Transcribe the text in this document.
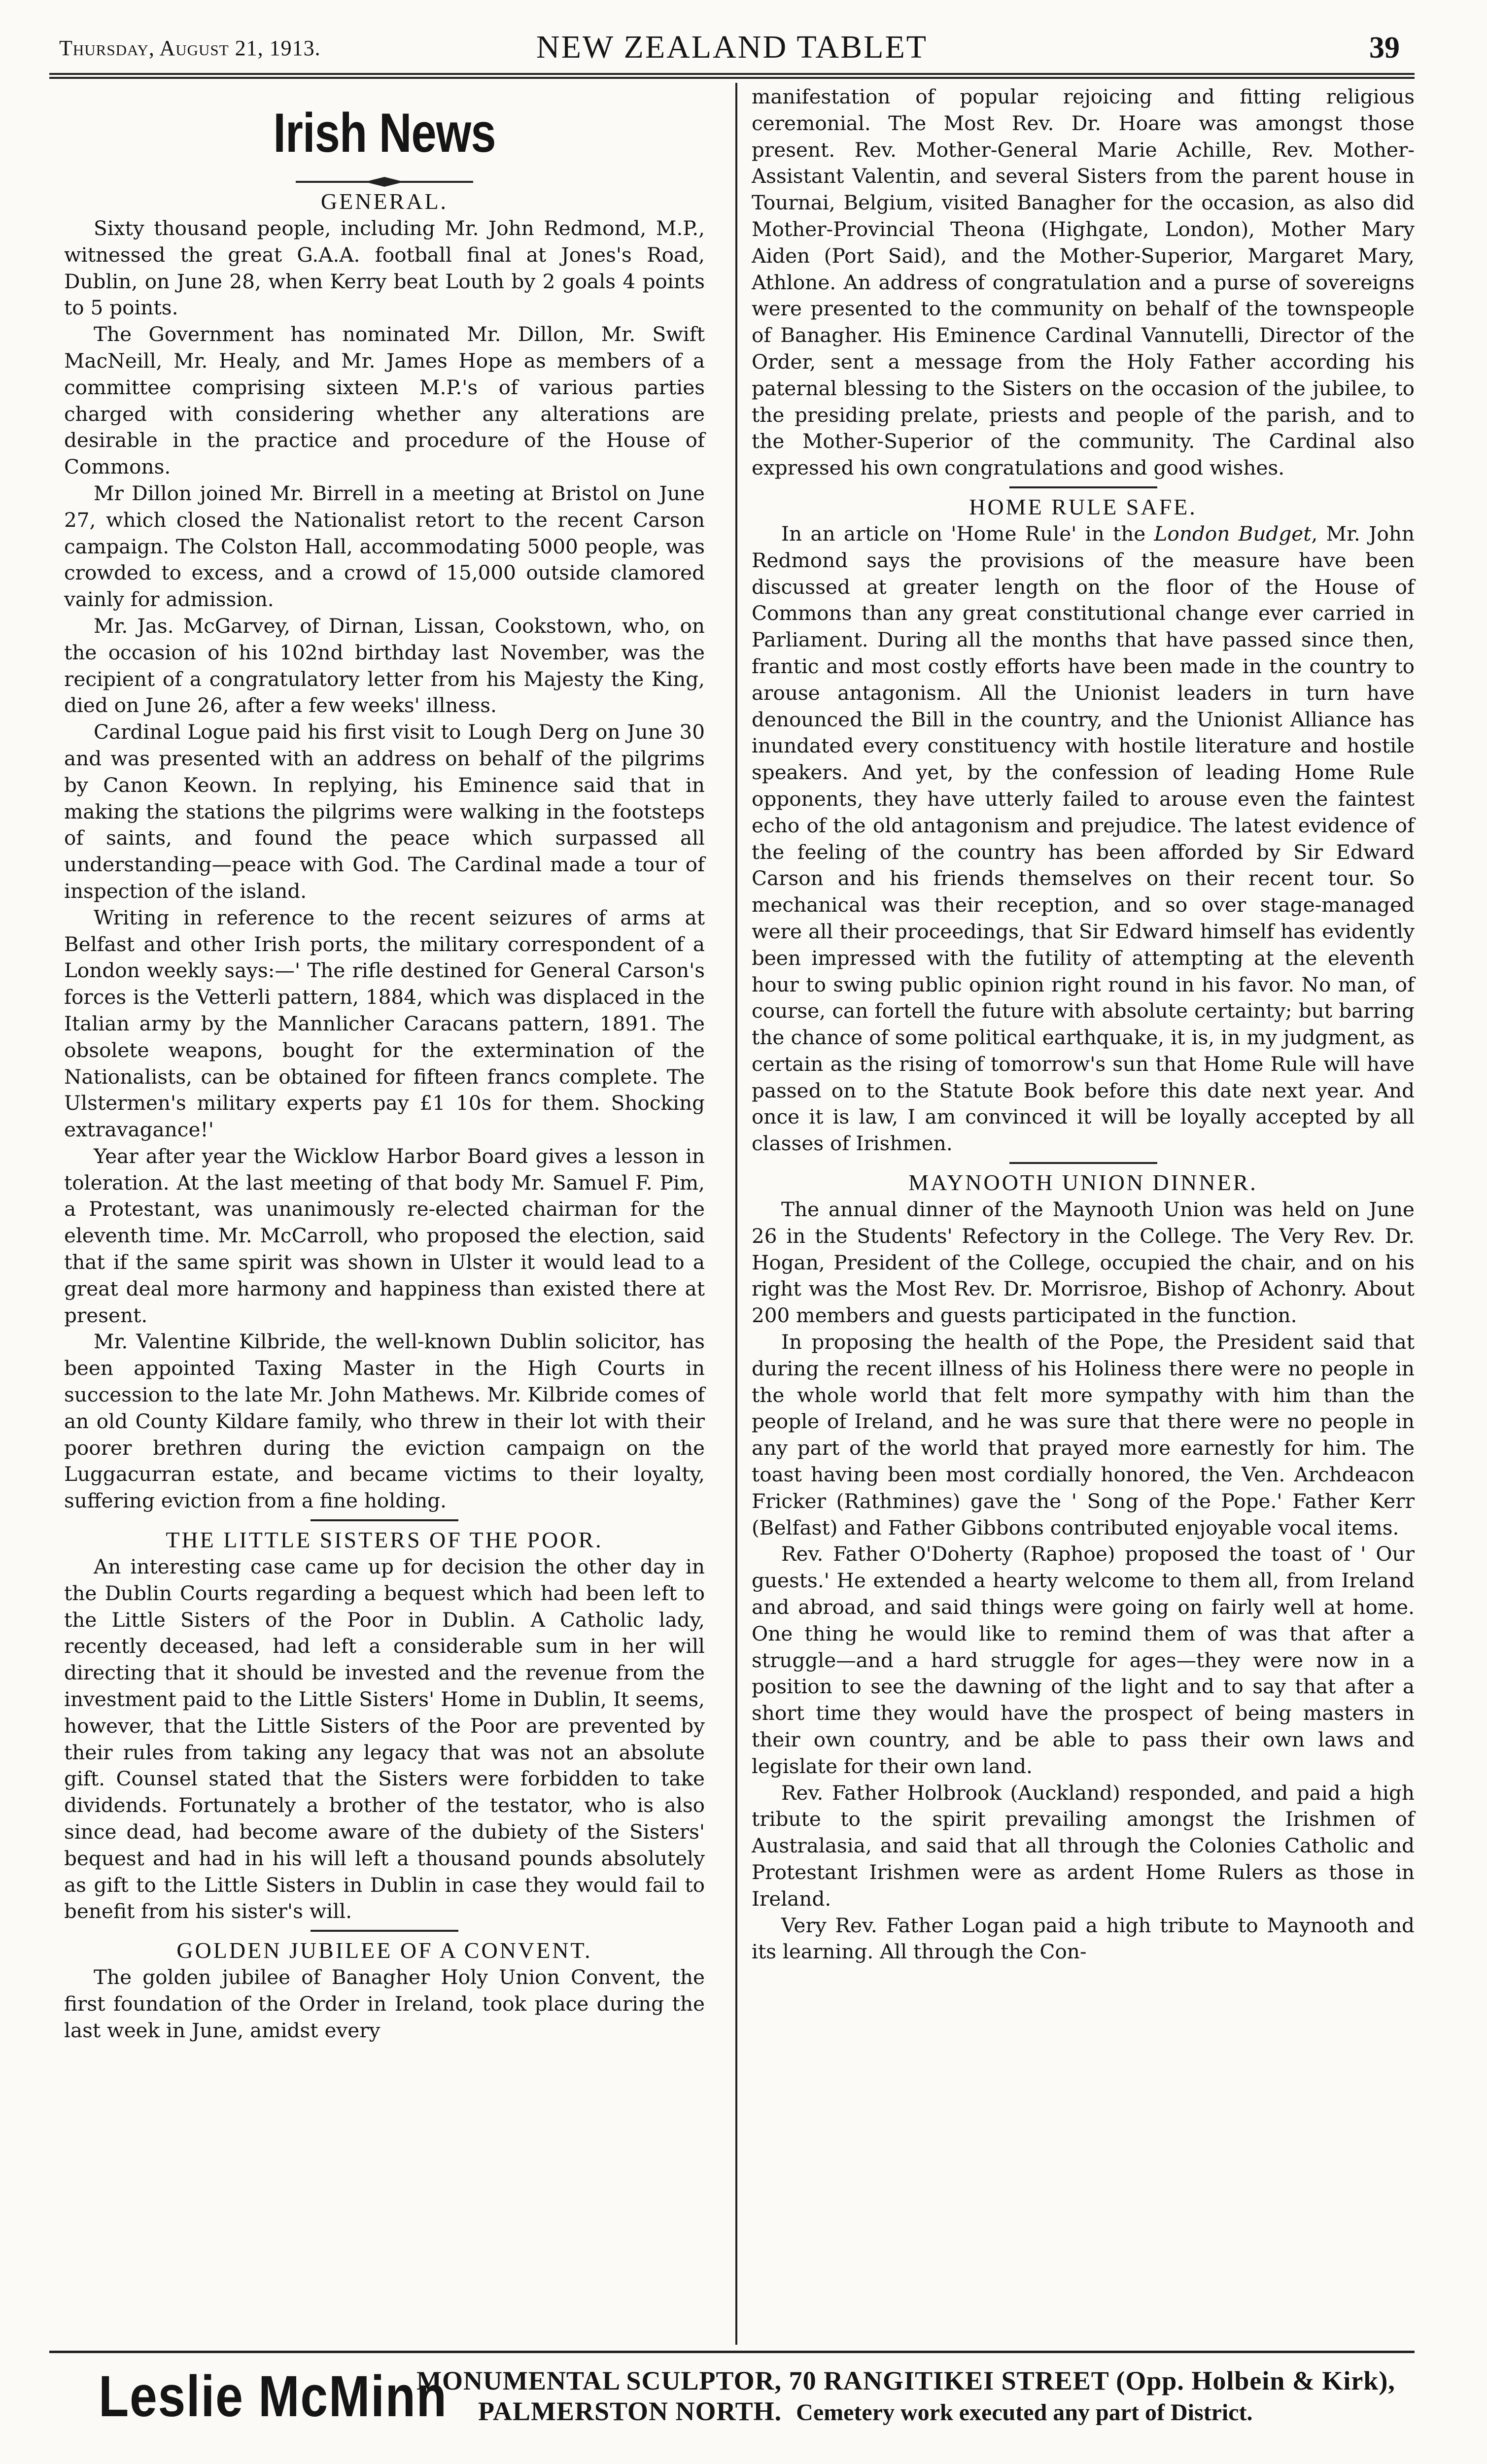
Thursday, August 21, 1913.	NEW ZEALAND TABLET	39
Irish News
GENERAL.

Sixty thousand people, including Mr. John Redmond, M.P., witnessed the great G.A.A. football final at Jones's Road, Dublin, on June 28, when Kerry beat Louth by 2 goals 4 points to 5 points.

The Government has nominated Mr. Dillon, Mr. Swift MacNeill, Mr. Healy, and Mr. James Hope as members of a committee comprising sixteen M.P.'s of various parties charged with considering whether any alterations are desirable in the practice and procedure of the House of Commons.

Mr Dillon joined Mr. Birrell in a meeting at Bristol on June 27, which closed the Nationalist retort to the recent Carson campaign. The Colston Hall, accommodating 5000 people, was crowded to excess, and a crowd of 15,000 outside clamored vainly for admission.

Mr. Jas. McGarvey, of Dirnan, Lissan, Cookstown, who, on the occasion of his 102nd birthday last November, was the recipient of a congratulatory letter from his Majesty the King, died on June 26, after a few weeks' illness.

Cardinal Logue paid his first visit to Lough Derg on June 30 and was presented with an address on behalf of the pilgrims by Canon Keown. In replying, his Eminence said that in making the stations the pilgrims were walking in the footsteps of saints, and found the peace which surpassed all understanding—peace with God. The Cardinal made a tour of inspection of the island.

Writing in reference to the recent seizures of arms at Belfast and other Irish ports, the military correspondent of a London weekly says:—' The rifle destined for General Carson's forces is the Vetterli pattern, 1884, which was displaced in the Italian army by the Mannlicher Caracans pattern, 1891. The obsolete weapons, bought for the extermination of the Nationalists, can be obtained for fifteen francs complete. The Ulstermen's military experts pay £1 10s for them. Shocking extravagance!'

Year after year the Wicklow Harbor Board gives a lesson in toleration. At the last meeting of that body Mr. Samuel F. Pim, a Protestant, was unanimously re-elected chairman for the eleventh time. Mr. McCarroll, who proposed the election, said that if the same spirit was shown in Ulster it would lead to a great deal more harmony and happiness than existed there at present.

Mr. Valentine Kilbride, the well-known Dublin solicitor, has been appointed Taxing Master in the High Courts in succession to the late Mr. John Mathews. Mr. Kilbride comes of an old County Kildare family, who threw in their lot with their poorer brethren during the eviction campaign on the Luggacurran estate, and became victims to their loyalty, suffering eviction from a fine holding.

THE LITTLE SISTERS OF THE POOR.

An interesting case came up for decision the other day in the Dublin Courts regarding a bequest which had been left to the Little Sisters of the Poor in Dublin. A Catholic lady, recently deceased, had left a considerable sum in her will directing that it should be invested and the revenue from the investment paid to the Little Sisters' Home in Dublin, It seems, however, that the Little Sisters of the Poor are prevented by their rules from taking any legacy that was not an absolute gift. Counsel stated that the Sisters were forbidden to take dividends. Fortunately a brother of the testator, who is also since dead, had become aware of the dubiety of the Sisters' bequest and had in his will left a thousand pounds absolutely as gift to the Little Sisters in Dublin in case they would fail to benefit from his sister's will.

GOLDEN JUBILEE OF A CONVENT.

The golden jubilee of Banagher Holy Union Convent, the first foundation of the Order in Ireland, took place during the last week in June, amidst every

manifestation of popular rejoicing and fitting religious ceremonial. The Most Rev. Dr. Hoare was amongst those present. Rev. Mother-General Marie Achille, Rev. Mother-Assistant Valentin, and several Sisters from the parent house in Tournai, Belgium, visited Banagher for the occasion, as also did Mother-Provincial Theona (Highgate, London), Mother Mary Aiden (Port Said), and the Mother-Superior, Margaret Mary, Athlone. An address of congratulation and a purse of sovereigns were presented to the community on behalf of the townspeople of Banagher. His Eminence Cardinal Vannutelli, Director of the Order, sent a message from the Holy Father according his paternal blessing to the Sisters on the occasion of the jubilee, to the presiding prelate, priests and people of the parish, and to the Mother-Superior of the community. The Cardinal also expressed his own congratulations and good wishes.

HOME RULE SAFE.

In an article on 'Home Rule' in the London Budget, Mr. John Redmond says the provisions of the measure have been discussed at greater length on the floor of the House of Commons than any great constitutional change ever carried in Parliament. During all the months that have passed since then, frantic and most costly efforts have been made in the country to arouse antagonism. All the Unionist leaders in turn have denounced the Bill in the country, and the Unionist Alliance has inundated every constituency with hostile literature and hostile speakers. And yet, by the confession of leading Home Rule opponents, they have utterly failed to arouse even the faintest echo of the old antagonism and prejudice. The latest evidence of the feeling of the country has been afforded by Sir Edward Carson and his friends themselves on their recent tour. So mechanical was their reception, and so over stage-managed were all their proceedings, that Sir Edward himself has evidently been impressed with the futility of attempting at the eleventh hour to swing public opinion right round in his favor. No man, of course, can fortell the future with absolute certainty; but barring the chance of some political earthquake, it is, in my judgment, as certain as the rising of tomorrow's sun that Home Rule will have passed on to the Statute Book before this date next year. And once it is law, I am convinced it will be loyally accepted by all classes of Irishmen.

MAYNOOTH UNION DINNER.

The annual dinner of the Maynooth Union was held on June 26 in the Students' Refectory in the College. The Very Rev. Dr. Hogan, President of the College, occupied the chair, and on his right was the Most Rev. Dr. Morrisroe, Bishop of Achonry. About 200 members and guests participated in the function.

In proposing the health of the Pope, the President said that during the recent illness of his Holiness there were no people in the whole world that felt more sympathy with him than the people of Ireland, and he was sure that there were no people in any part of the world that prayed more earnestly for him. The toast having been most cordially honored, the Ven. Archdeacon Fricker (Rathmines) gave the ' Song of the Pope.' Father Kerr (Belfast) and Father Gibbons contributed enjoyable vocal items.

Rev. Father O'Doherty (Raphoe) proposed the toast of ' Our guests.' He extended a hearty welcome to them all, from Ireland and abroad, and said things were going on fairly well at home. One thing he would like to remind them of was that after a struggle—and a hard struggle for ages—they were now in a position to see the dawning of the light and to say that after a short time they would have the prospect of being masters in their own country, and be able to pass their own laws and legislate for their own land.

Rev. Father Holbrook (Auckland) responded, and paid a high tribute to the spirit prevailing amongst the Irishmen of Australasia, and said that all through the Colonies Catholic and Protestant Irishmen were as ardent Home Rulers as those in Ireland.

Very Rev. Father Logan paid a high tribute to Maynooth and its learning. All through the Con-

Leslie McMinn
MONUMENTAL SCULPTOR, 70 RANGITIKEI STREET (Opp. Holbein & Kirk),
PALMERSTON NORTH. Cemetery work executed any part of District.
